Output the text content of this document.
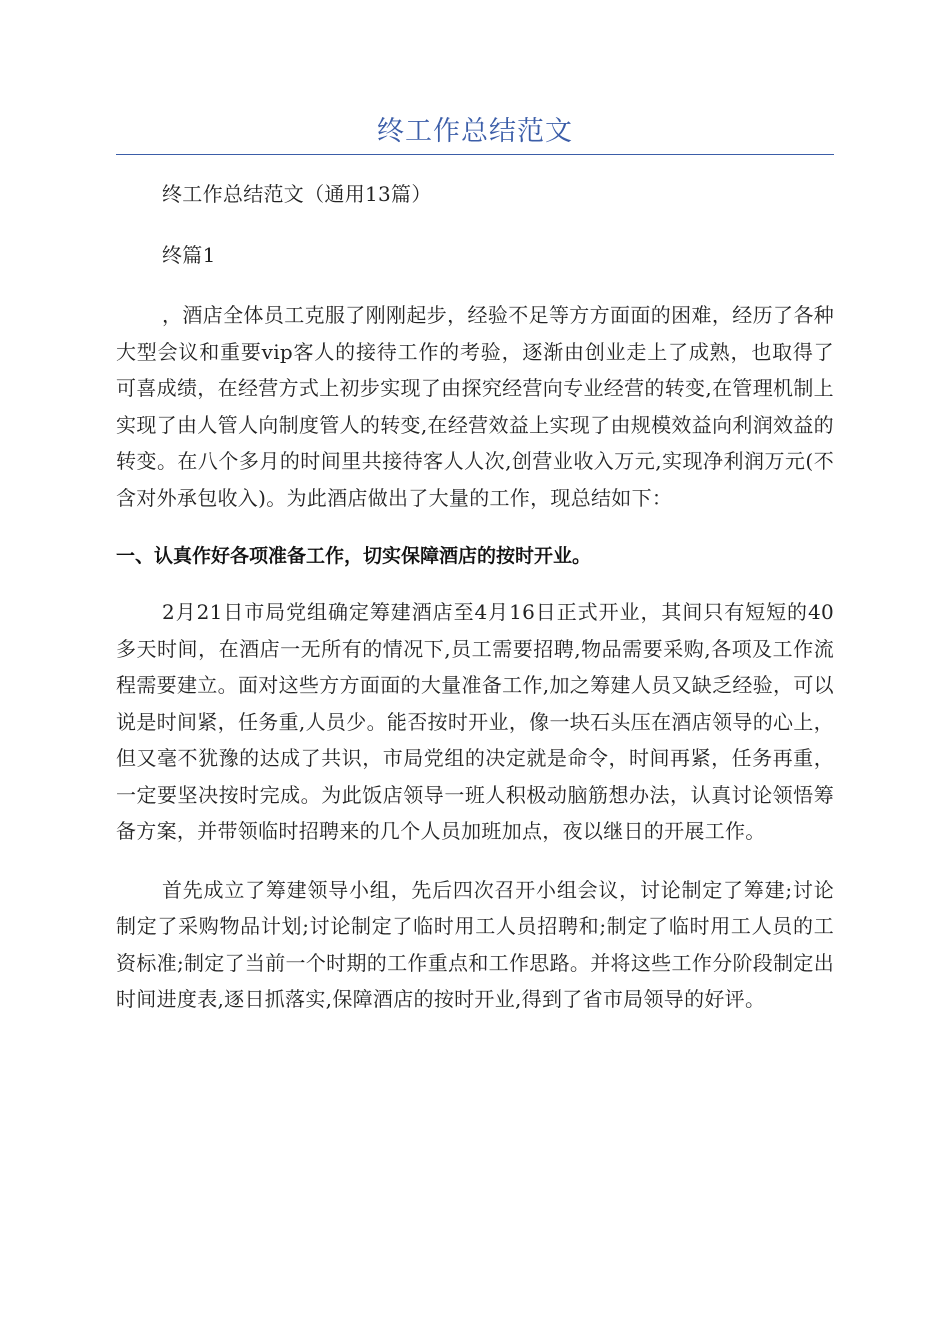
终工作总结范文

终工作总结范文（通用13篇）

终篇1

，酒店全体员工克服了刚刚起步，经验不足等方方面面的困难，经历了各种大型会议和重要vip客人的接待工作的考验，逐渐由创业走上了成熟，也取得了可喜成绩，在经营方式上初步实现了由探究经营向专业经营的转变,在管理机制上实现了由人管人向制度管人的转变,在经营效益上实现了由规模效益向利润效益的转变。在八个多月的时间里共接待客人人次,创营业收入万元,实现净利润万元(不含对外承包收入)。为此酒店做出了大量的工作，现总结如下：

一、认真作好各项准备工作，切实保障酒店的按时开业。

2月21日市局党组确定筹建酒店至4月16日正式开业，其间只有短短的40多天时间，在酒店一无所有的情况下,员工需要招聘,物品需要采购,各项及工作流程需要建立。面对这些方方面面的大量准备工作,加之筹建人员又缺乏经验，可以说是时间紧，任务重,人员少。能否按时开业，像一块石头压在酒店领导的心上，但又毫不犹豫的达成了共识，市局党组的决定就是命令，时间再紧，任务再重，一定要坚决按时完成。为此饭店领导一班人积极动脑筋想办法，认真讨论领悟筹备方案，并带领临时招聘来的几个人员加班加点，夜以继日的开展工作。

首先成立了筹建领导小组，先后四次召开小组会议，讨论制定了筹建;讨论制定了采购物品计划;讨论制定了临时用工人员招聘和;制定了临时用工人员的工资标准;制定了当前一个时期的工作重点和工作思路。并将这些工作分阶段制定出时间进度表,逐日抓落实,保障酒店的按时开业,得到了省市局领导的好评。
